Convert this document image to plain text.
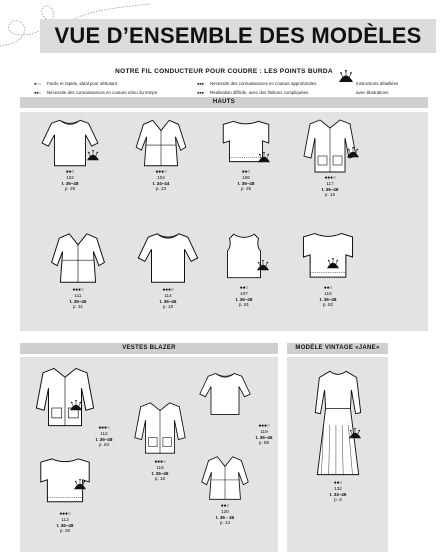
VUE D’ENSEMBLE DES MODÈLES
NOTRE FIL CONDUCTEUR POUR COUDRE : LES POINTS BURDA
●○○	Facile et rapide, idéal pour débutant
●●○	Nécessite des connaissances en couture et/ou du temps
●●●	Nécessite des connaissances en couture approfondies
●●●	Réalisation difficile, avec des finitions compliquées
Instructions détaillées
avec illustrations
HAUTS
●●○
102
t. 36–48
p. 29
●●●○
104
t. 34–44
p. 23
●●○
106
t. 36–48
p. 25
●●●○
117
t. 36–48
p. 15
●●●○
111
t. 36–46
p. 31
●●●○
114
t. 36–46
p. 18
●●○
107
t. 36–48
p. 81
●●○
118
t. 36–48
p. 82
VESTES BLAZER
●●●○
112
t. 36–48
p. 84
●●●○
119
t. 36–46
p. 85
●●●○
116
t. 36–46
p. 16
●●●○
113
t. 36–48
p. 26
●●○
120
t. 36 - 46
p. 14
MODÈLE VINTAGE «JANE»
●●○
132
t. 34–46
p. 8
